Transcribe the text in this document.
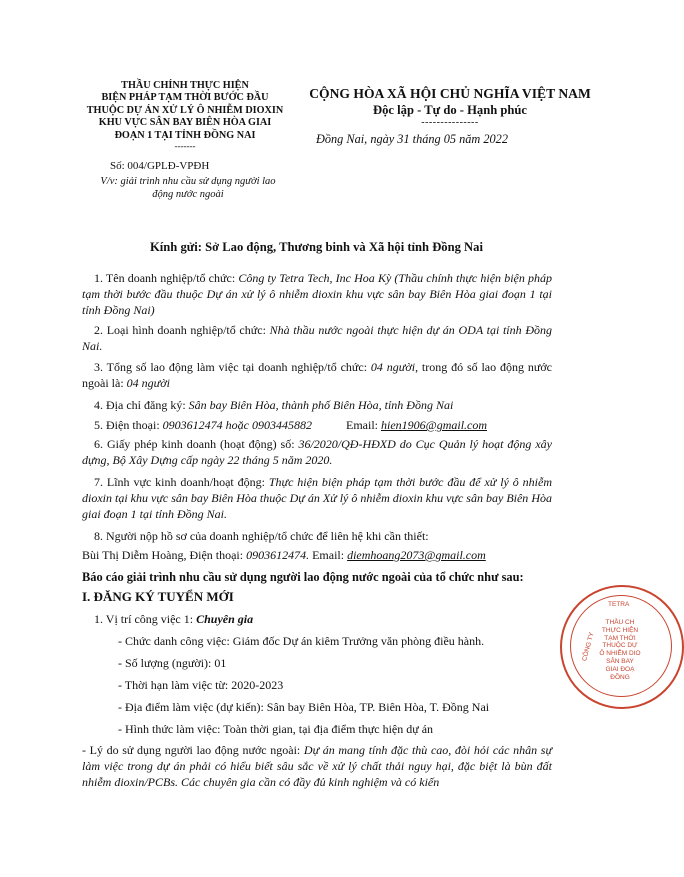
THẦU CHÍNH THỰC HIỆN
BIỆN PHÁP TẠM THỜI BƯỚC ĐẦU
THUỘC DỰ ÁN XỬ LÝ Ô NHIỄM DIOXIN
KHU VỰC SÂN BAY BIÊN HÒA GIAI
ĐOẠN 1 TẠI TỈNH ĐỒNG NAI
-------
Số: 004/GPLĐ-VPĐH
V/v: giải trình nhu cầu sử dụng người lao
động nước ngoài
CỘNG HÒA XÃ HỘI CHỦ NGHĨA VIỆT NAM
Độc lập - Tự do - Hạnh phúc
---------------
Đồng Nai, ngày 31 tháng 05 năm 2022
Kính gửi: Sở Lao động, Thương binh và Xã hội tỉnh Đồng Nai
1. Tên doanh nghiệp/tổ chức: Công ty Tetra Tech, Inc Hoa Kỳ (Thầu chính thực hiện biện pháp tạm thời bước đầu thuộc Dự án xử lý ô nhiễm dioxin khu vực sân bay Biên Hòa giai đoạn 1 tại tỉnh Đồng Nai)
2. Loại hình doanh nghiệp/tổ chức: Nhà thầu nước ngoài thực hiện dự án ODA tại tỉnh Đồng Nai.
3. Tổng số lao động làm việc tại doanh nghiệp/tổ chức: 04 người, trong đó số lao động nước ngoài là: 04 người
4. Địa chỉ đăng ký: Sân bay Biên Hòa, thành phố Biên Hòa, tỉnh Đồng Nai
5. Điện thoại: 0903612474 hoặc 0903445882	Email: hien1906@gmail.com
6. Giấy phép kinh doanh (hoạt động) số: 36/2020/QĐ-HĐXD do Cục Quản lý hoạt động xây dựng, Bộ Xây Dựng cấp ngày 22 tháng 5 năm 2020.
7. Lĩnh vực kinh doanh/hoạt động: Thực hiện biện pháp tạm thời bước đầu để xử lý ô nhiễm dioxin tại khu vực sân bay Biên Hòa thuộc Dự án Xử lý ô nhiễm dioxin khu vực sân bay Biên Hòa giai đoạn 1 tại tỉnh Đồng Nai.
8. Người nộp hồ sơ của doanh nghiệp/tổ chức để liên hệ khi cần thiết:
Bùi Thị Diễm Hoàng, Điện thoại: 0903612474. Email: diemhoang2073@gmail.com
Báo cáo giải trình nhu cầu sử dụng người lao động nước ngoài của tổ chức như sau:
I. ĐĂNG KÝ TUYỂN MỚI
1. Vị trí công việc 1: Chuyên gia
- Chức danh công việc: Giám đốc Dự án kiêm Trưởng văn phòng điều hành.
- Số lượng (người): 01
- Thời hạn làm việc từ: 2020-2023
- Địa điểm làm việc (dự kiến): Sân bay Biên Hòa, TP. Biên Hòa, T. Đồng Nai
- Hình thức làm việc: Toàn thời gian, tại địa điểm thực hiện dự án
- Lý do sử dụng người lao động nước ngoài: Dự án mang tính đặc thù cao, đòi hỏi các nhân sự làm việc trong dự án phải có hiểu biết sâu sắc về xử lý chất thải nguy hại, đặc biệt là bùn đất nhiễm dioxin/PCBs. Các chuyên gia cần có đầy đủ kinh nghiệm và có kiến
TETRA
CÔNG TY
THẦU CH
THỰC HIỆN
TẠM THỜI
THUỘC DỰ
Ô NHIỄM DIO
SÂN BAY
GIAI ĐOẠ
ĐỒNG
